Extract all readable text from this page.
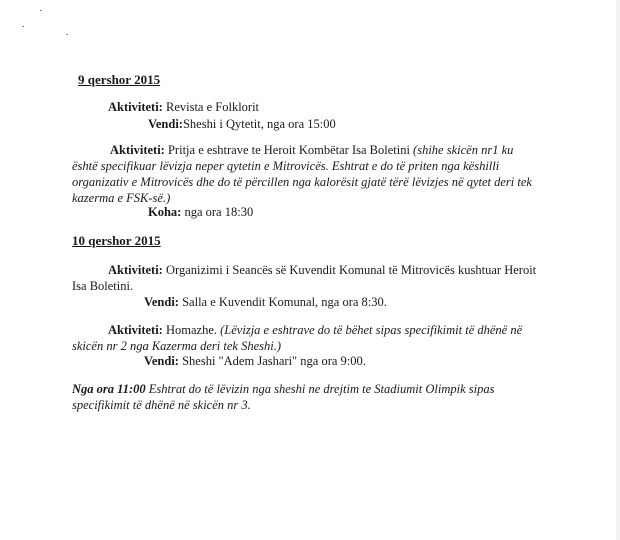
9 qershor 2015
Aktiviteti: Revista e Folklorit
Vendi:Sheshi i Qytetit, nga ora 15:00
Aktiviteti: Pritja e eshtrave te Heroit Kombëtar Isa Boletini (shihe skicën nr1 ku është specifikuar lëvizja neper qytetin e Mitrovicës. Eshtrat e do të priten nga këshilli organizativ e Mitrovicës dhe do të përcillen nga kalorësit gjatë tërë lëvizjes në qytet deri tek kazerma e FSK-së.)
Koha: nga ora 18:30
10 qershor 2015
Aktiviteti: Organizimi i Seancës së Kuvendit Komunal të Mitrovicës kushtuar Heroit Isa Boletini.
Vendi: Salla e Kuvendit Komunal, nga ora 8:30.
Aktiviteti: Homazhe. (Lëvizja e eshtrave do të bëhet sipas specifikimit të dhënë në skicën nr 2 nga Kazerma deri tek Sheshi.)
Vendi: Sheshi "Adem Jashari" nga ora 9:00.
Nga ora 11:00 Eshtrat do të lëvizin nga sheshi ne drejtim te Stadiumit Olimpik sipas specifikimit të dhënë në skicën nr 3.
